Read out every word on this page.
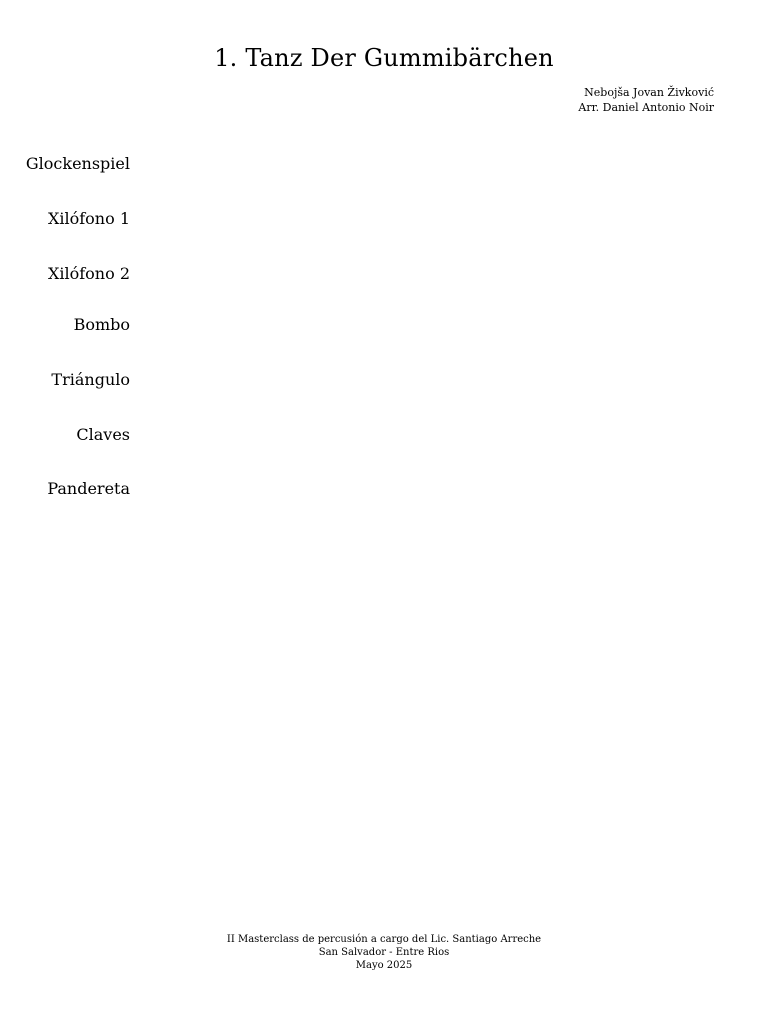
1. Tanz Der Gummibärchen
Nebojša Jovan Živković
Arr. Daniel Antonio Noir
Glockenspiel
Xilófono 1
Xilófono 2
Bombo
Triángulo
Claves
Pandereta
II Masterclass de percusión a cargo del Lic. Santiago Arreche
San Salvador - Entre Rios
Mayo 2025
